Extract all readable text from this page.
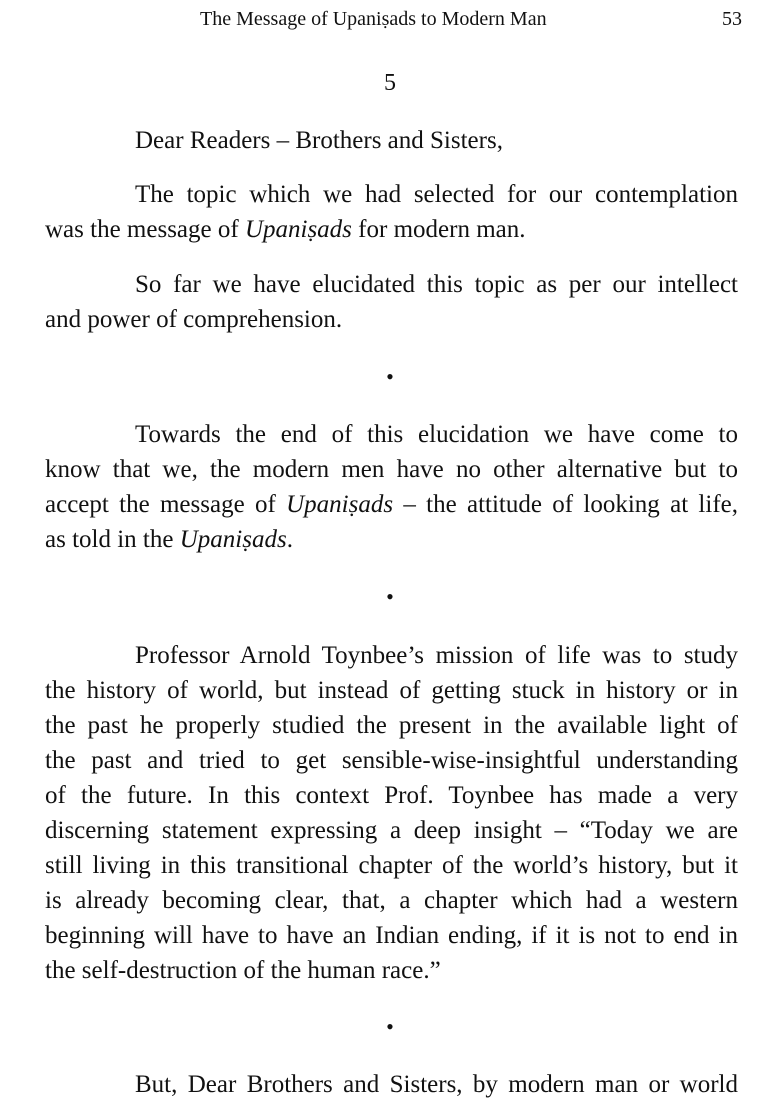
The Message of Upaniṣads to Modern Man	53
5
Dear Readers – Brothers and Sisters,
The topic which we had selected for our contemplation
was the message of Upaniṣads for modern man.
So far we have elucidated this topic as per our intellect
and power of comprehension.
•
Towards the end of this elucidation we have come to
know that we, the modern men have no other alternative but to
accept the message of Upaniṣads – the attitude of looking at life,
as told in the Upaniṣads.
•
Professor Arnold Toynbee’s mission of life was to study
the history of world, but instead of getting stuck in history or in
the past he properly studied the present in the available light of
the past and tried to get sensible-wise-insightful understanding
of the future. In this context Prof. Toynbee has made a very
discerning statement expressing a deep insight – “Today we are
still living in this transitional chapter of the world’s history, but it
is already becoming clear, that, a chapter which had a western
beginning will have to have an Indian ending, if it is not to end in
the self-destruction of the human race.”
•
But, Dear Brothers and Sisters, by modern man or world
